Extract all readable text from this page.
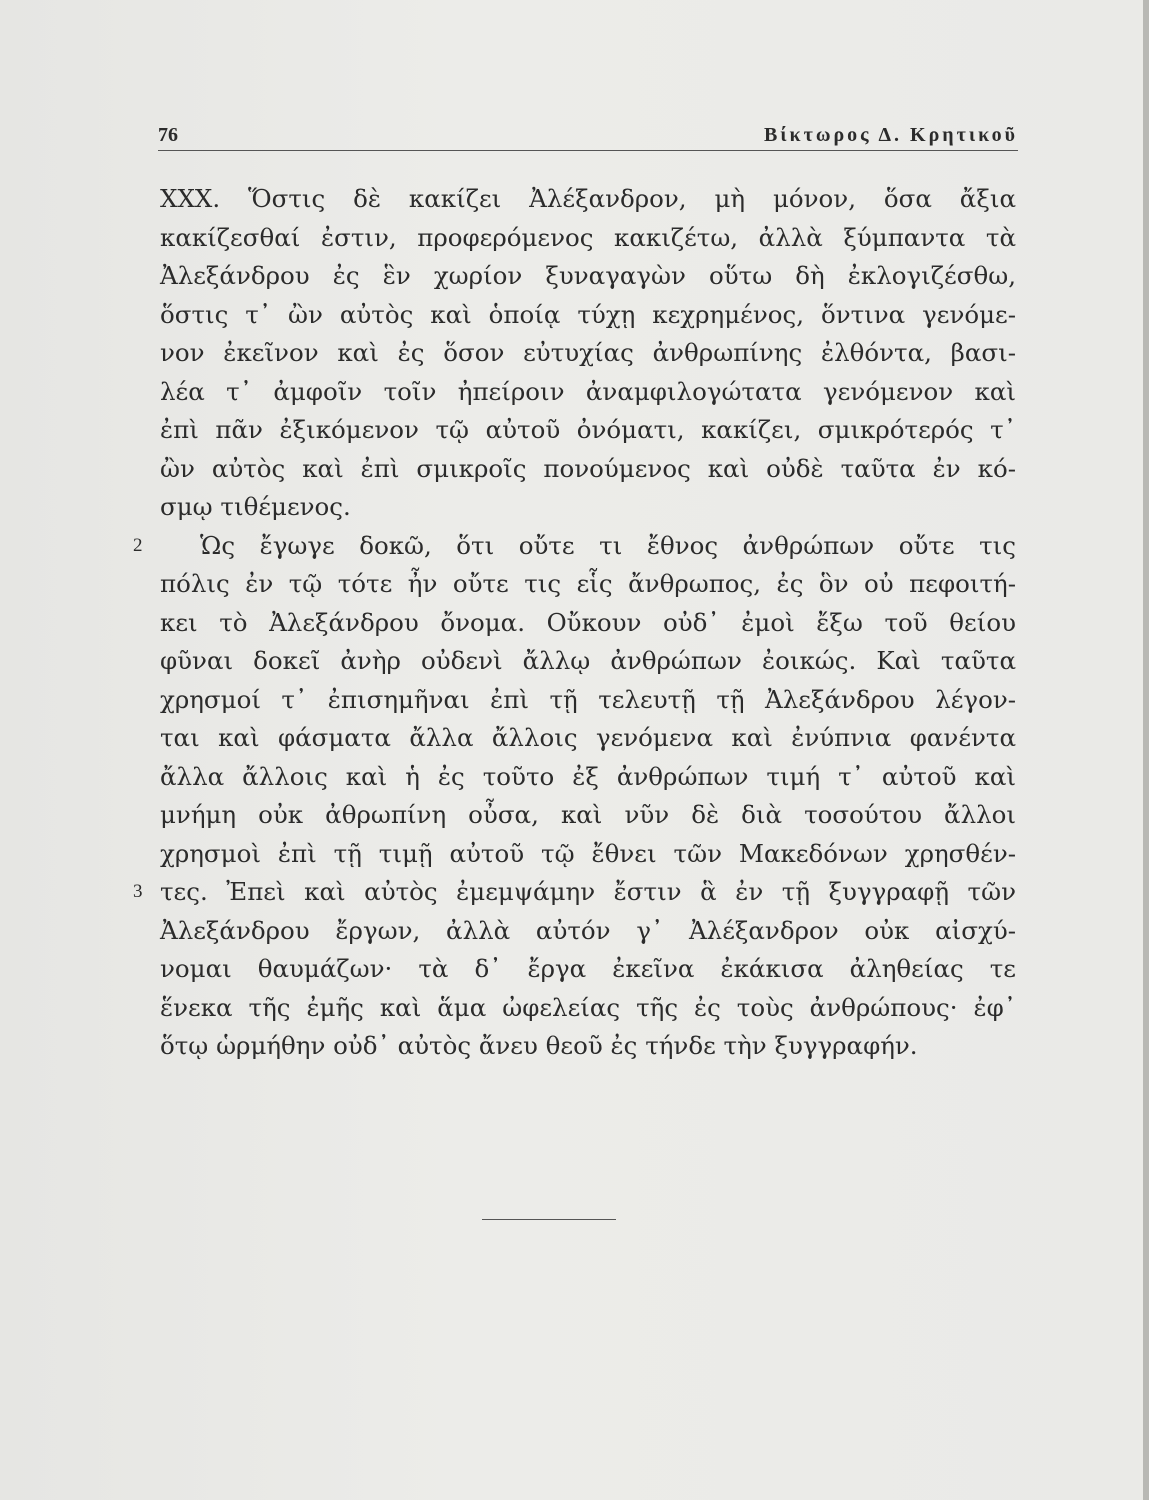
76	Βίκτωρος Δ. Κρητικοῦ
XXX. Ὅστις δὲ κακίζει Ἀλέξανδρον, μὴ μόνον, ὅσα ἄξια
κακίζεσθαί ἐστιν, προφερόμενος κακιζέτω, ἀλλὰ ξύμπαντα τὰ
Ἀλεξάνδρου ἐς ἓν χωρίον ξυναγαγὼν οὕτω δὴ ἐκλογιζέσθω,
ὅστις τ᾽ ὢν αὐτὸς καὶ ὁποίᾳ τύχῃ κεχρημένος, ὅντινα γενόμε-
νον ἐκεῖνον καὶ ἐς ὅσον εὐτυχίας ἀνθρωπίνης ἐλθόντα, βασι-
λέα τ᾽ ἀμφοῖν τοῖν ἠπείροιν ἀναμφιλογώτατα γενόμενον καὶ
ἐπὶ πᾶν ἐξικόμενον τῷ αὐτοῦ ὀνόματι, κακίζει, σμικρότερός τ᾽
ὢν αὐτὸς καὶ ἐπὶ σμικροῖς πονούμενος καὶ οὐδὲ ταῦτα ἐν κό-
σμῳ τιθέμενος.
2 Ὡς ἔγωγε δοκῶ, ὅτι οὔτε τι ἔθνος ἀνθρώπων οὔτε τις
πόλις ἐν τῷ τότε ἦν οὔτε τις εἷς ἄνθρωπος, ἐς ὃν οὐ πεφοιτή-
κει τὸ Ἀλεξάνδρου ὄνομα. Οὔκουν οὐδ᾽ ἐμοὶ ἔξω τοῦ θείου
φῦναι δοκεῖ ἀνὴρ οὐδενὶ ἄλλῳ ἀνθρώπων ἐοικώς. Καὶ ταῦτα
χρησμοί τ᾽ ἐπισημῆναι ἐπὶ τῇ τελευτῇ τῇ Ἀλεξάνδρου λέγον-
ται καὶ φάσματα ἄλλα ἄλλοις γενόμενα καὶ ἐνύπνια φανέντα
ἄλλα ἄλλοις καὶ ἡ ἐς τοῦτο ἐξ ἀνθρώπων τιμή τ᾽ αὐτοῦ καὶ
μνήμη οὐκ ἀθρωπίνη οὖσα, καὶ νῦν δὲ διὰ τοσούτου ἄλλοι
χρησμοὶ ἐπὶ τῇ τιμῇ αὐτοῦ τῷ ἔθνει τῶν Μακεδόνων χρησθέν-
3 τες. Ἐπεὶ καὶ αὐτὸς ἐμεμψάμην ἔστιν ἃ ἐν τῇ ξυγγραφῇ τῶν
Ἀλεξάνδρου ἔργων, ἀλλὰ αὐτόν γ᾽ Ἀλέξανδρον οὐκ αἰσχύ-
νομαι θαυμάζων· τὰ δ᾽ ἔργα ἐκεῖνα ἐκάκισα ἀληθείας τε
ἕνεκα τῆς ἐμῆς καὶ ἅμα ὠφελείας τῆς ἐς τοὺς ἀνθρώπους· ἐφ᾽
ὅτῳ ὡρμήθην οὐδ᾽ αὐτὸς ἄνευ θεοῦ ἐς τήνδε τὴν ξυγγραφήν.
